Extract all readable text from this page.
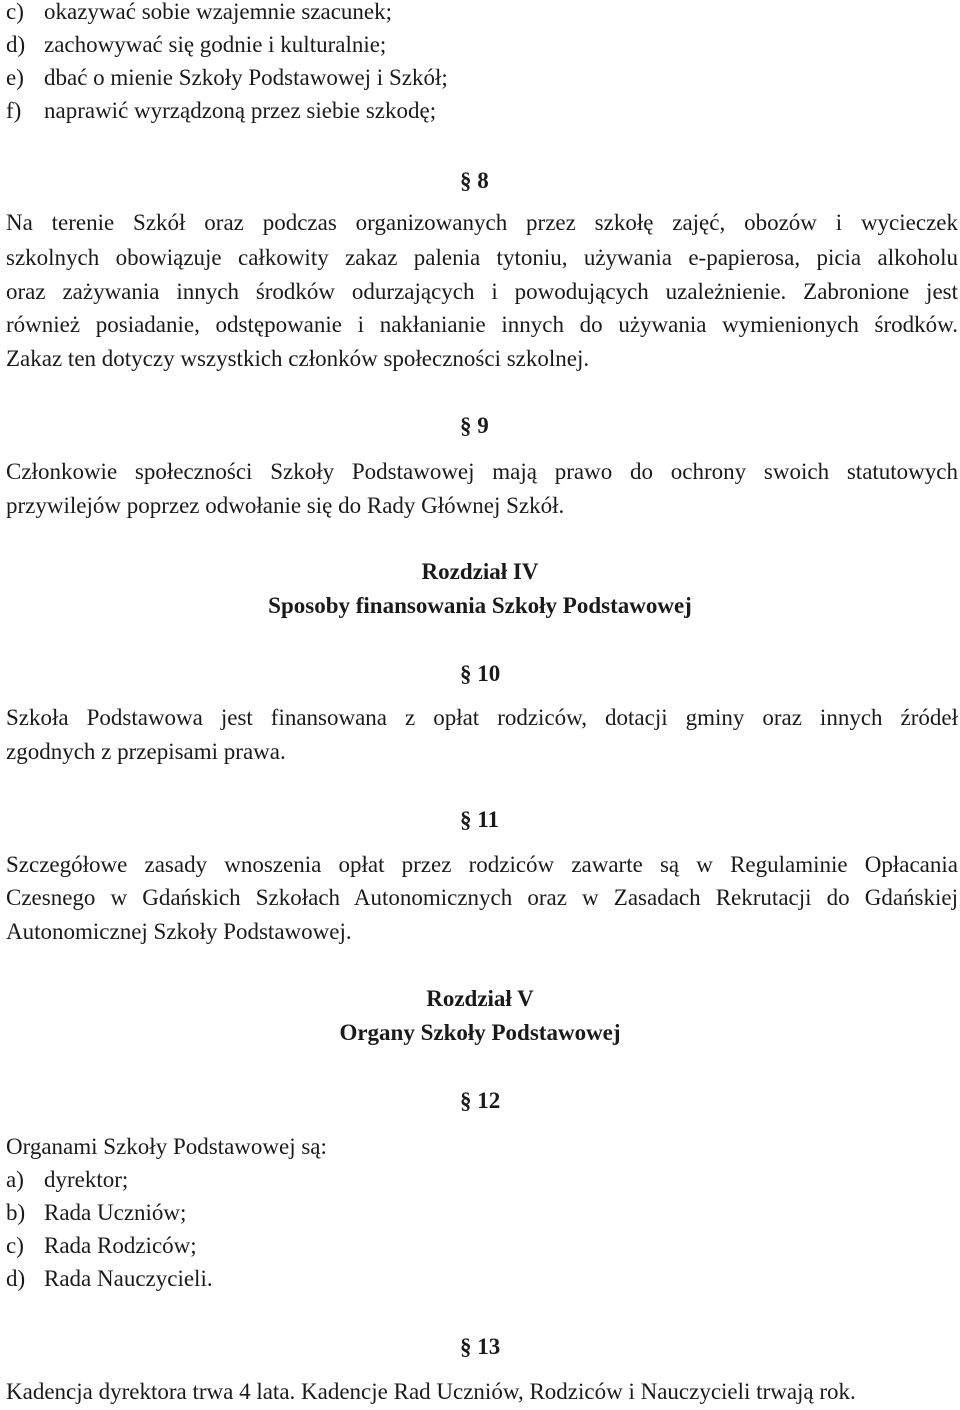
c) okazywać sobie wzajemnie szacunek;
d) zachowywać się godnie i kulturalnie;
e) dbać o mienie Szkoły Podstawowej i Szkół;
f) naprawić wyrządzoną przez siebie szkodę;
§ 8
Na terenie Szkół oraz podczas organizowanych przez szkołę zajęć, obozów i wycieczek
szkolnych obowiązuje całkowity zakaz palenia tytoniu, używania e-papierosa, picia alkoholu
oraz zażywania innych środków odurzających i powodujących uzależnienie. Zabronione jest
również posiadanie, odstępowanie i nakłanianie innych do używania wymienionych środków.
Zakaz ten dotyczy wszystkich członków społeczności szkolnej.
§ 9
Członkowie społeczności Szkoły Podstawowej mają prawo do ochrony swoich statutowych
przywilejów poprzez odwołanie się do Rady Głównej Szkół.
Rozdział IV
Sposoby finansowania Szkoły Podstawowej
§ 10
Szkoła Podstawowa jest finansowana z opłat rodziców, dotacji gminy oraz innych źródeł
zgodnych z przepisami prawa.
§ 11
Szczegółowe zasady wnoszenia opłat przez rodziców zawarte są w Regulaminie Opłacania
Czesnego w Gdańskich Szkołach Autonomicznych oraz w Zasadach Rekrutacji do Gdańskiej
Autonomicznej Szkoły Podstawowej.
Rozdział V
Organy Szkoły Podstawowej
§ 12
Organami Szkoły Podstawowej są:
a) dyrektor;
b) Rada Uczniów;
c) Rada Rodziców;
d) Rada Nauczycieli.
§ 13
Kadencja dyrektora trwa 4 lata. Kadencje Rad Uczniów, Rodziców i Nauczycieli trwają rok.
